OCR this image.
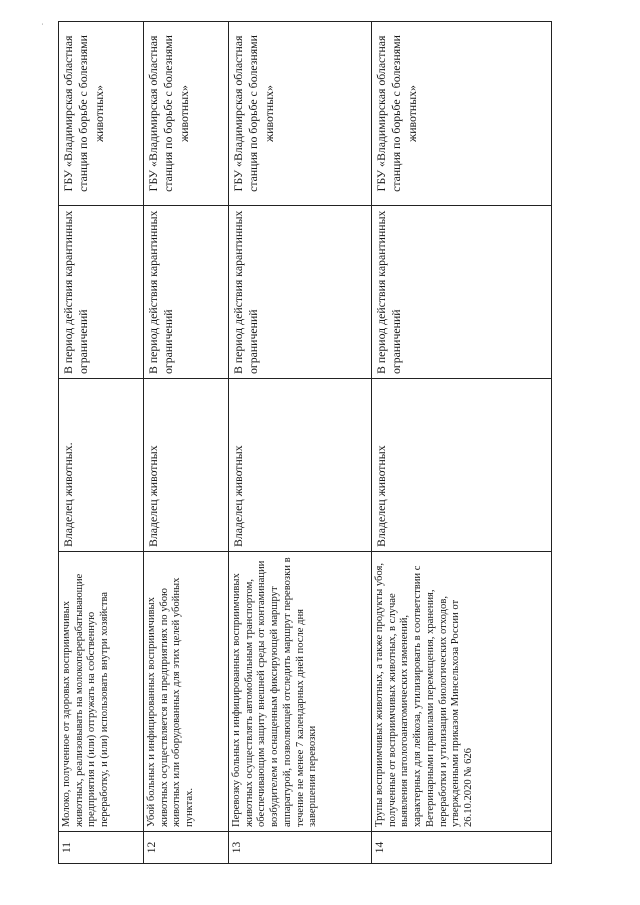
˙
11	Молоко, полученное от здоровых восприимчивых животных, реализовывать на молокоперерабатывающие предприятия и (или) отгружать на собственную переработку, и (или) использовать внутри хозяйства	Владелец животных.	В период действия карантинных ограничений	ГБУ «Владимирская областная станция по борьбе с болезнями животных»
12	Убой больных и инфицированных восприимчивых животных осуществляется на предприятиях по убою животных или оборудованных для этих целей убойных пунктах.	Владелец животных	В период действия карантинных ограничений	ГБУ «Владимирская областная станция по борьбе с болезнями животных»
13	Перевозку больных и инфицированных восприимчивых животных осуществлять автомобильным транспортом, обеспечивающим защиту внешней среды от контаминации возбудителем и оснащенным фиксирующей маршрут аппаратурой, позволяющей отследить маршрут перевозки в течение не менее 7 календарных дней после дня завершения перевозки	Владелец животных	В период действия карантинных ограничений	ГБУ «Владимирская областная станция по борьбе с болезнями животных»
14	Трупы восприимчивых животных, а также продукты убоя, полученные от восприимчивых животных, в случае выявления патологоанатомических изменений, характерных для лейкоза, утилизировать в соответствии с Ветеринарными правилами перемещения, хранения, переработки и утилизации биологических отходов, утвержденными приказом Минсельхоза России от 26.10.2020 № 626	Владелец животных	В период действия карантинных ограничений	ГБУ «Владимирская областная станция по борьбе с болезнями животных»
